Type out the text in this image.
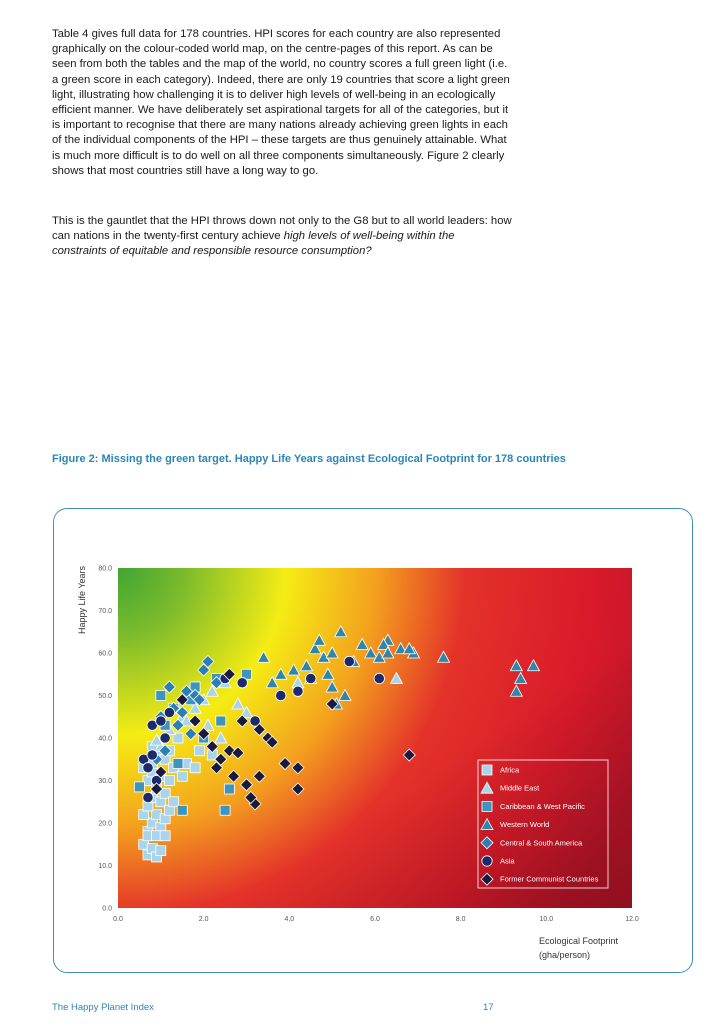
Table 4 gives full data for 178 countries. HPI scores for each country are also represented graphically on the colour-coded world map, on the centre-pages of this report. As can be seen from both the tables and the map of the world, no country scores a full green light (i.e. a green score in each category). Indeed, there are only 19 countries that score a light green light, illustrating how challenging it is to deliver high levels of well-being in an ecologically efficient manner. We have deliberately set aspirational targets for all of the categories, but it is important to recognise that there are many nations already achieving green lights in each of the individual components of the HPI – these targets are thus genuinely attainable. What is much more difficult is to do well on all three components simultaneously. Figure 2 clearly shows that most countries still have a long way to go.

This is the gauntlet that the HPI throws down not only to the G8 but to all world leaders: how can nations in the twenty-first century achieve high levels of well-being within the constraints of equitable and responsible resource consumption?

Figure 2: Missing the green target. Happy Life Years against Ecological Footprint for 178 countries

0.0
10.0
20.0
30.0
40.0
50.0
60.0
70.0
80.0
0.0	2.0	4.0	6.0	8.0	10.0	12.0
Happy Life Years
Ecological Footprint
(gha/person)
Africa
Middle East
Caribbean & West Pacific
Western World
Central & South America
Asia
Former Communist Countries
The Happy Planet Index	17
